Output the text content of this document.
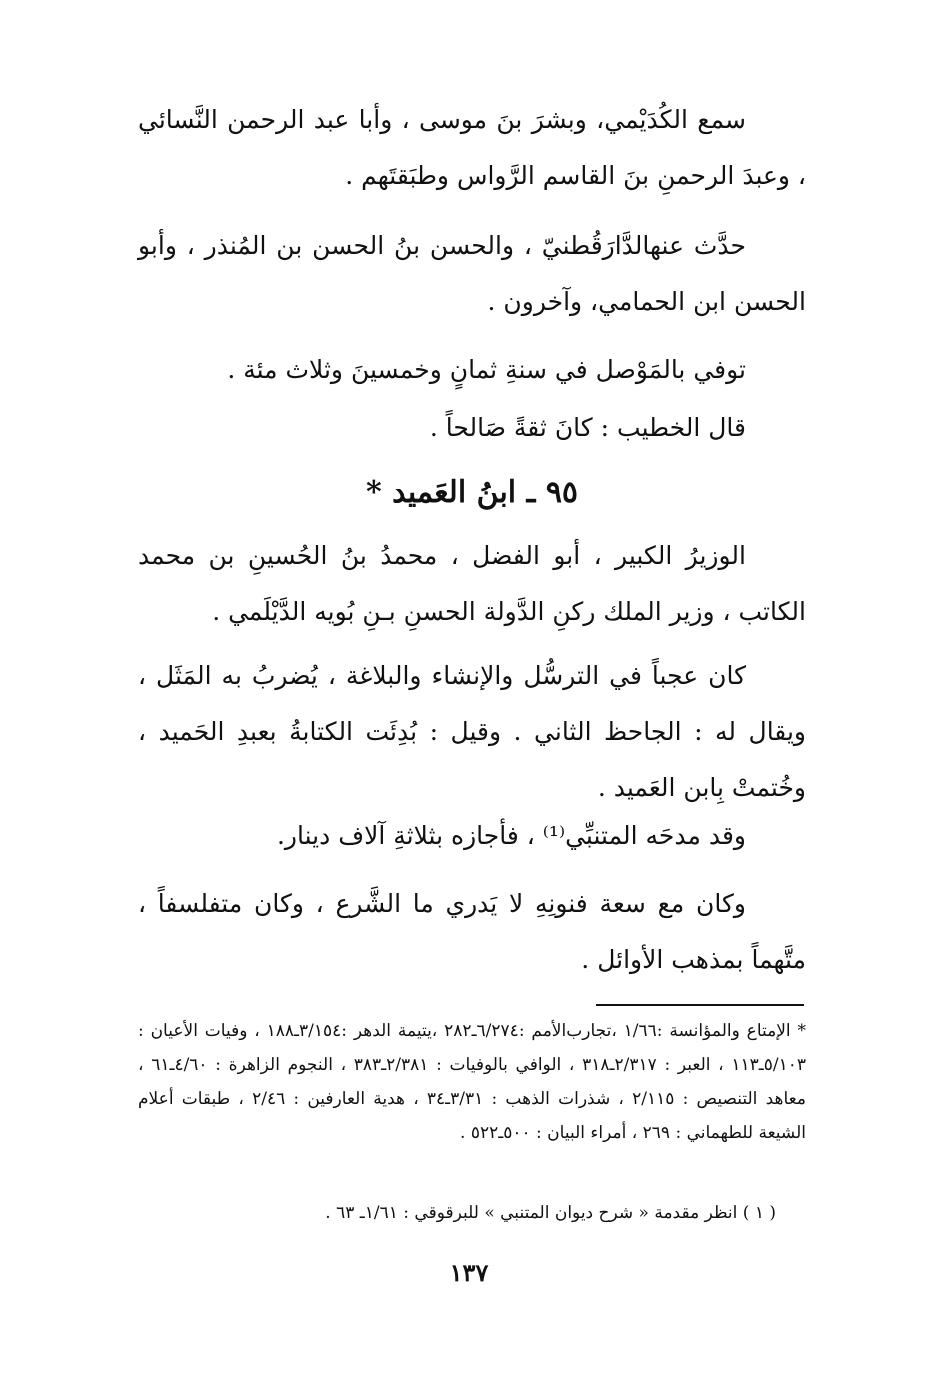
سمع الكُدَيْمي، وبشرَ بنَ موسى ، وأبا عبد الرحمن النَّسائي ، وعبدَ الرحمنِ بنَ القاسم الرَّواس وطبَقتَهم .

حدَّث عنهالدَّارَقُطنيّ ، والحسن بنُ الحسن بن المُنذر ، وأبو الحسن ابن الحمامي، وآخرون .

توفي بالمَوْصل في سنةِ ثمانٍ وخمسينَ وثلاث مئة .

قال الخطيب : كانَ ثقةً صَالحاً .

٩٥ ـ ابنُ العَميد *

الوزيرُ الكبير ، أبو الفضل ، محمدُ بنُ الحُسينِ بن محمد الكاتب ، وزير الملك ركنِ الدَّولة الحسنِ بـنِ بُويه الدَّيْلَمي .

كان عجباً في الترسُّل والإنشاء والبلاغة ، يُضربُ به المَثَل ، ويقال له : الجاحظ الثاني . وقيل : بُدِئَت الكتابةُ بعبدِ الحَميد ، وخُتمتْ بِابن العَميد .

وقد مدحَه المتنبِّي⁽¹⁾ ، فأجازه بثلاثةِ آلاف دينار.

وكان مع سعة فنونِهِ لا يَدري ما الشَّرع ، وكان متفلسفاً ، متَّهماً بمذهب الأوائل .

* الإمتاع والمؤانسة :١/٦٦ ،تجارب‌الأمم :٦/٢٧٤ـ٢٨٢ ،يتيمة الدهر :٣/١٥٤ـ١٨٨ ، وفيات الأعيان : ٥/١٠٣ـ١١٣ ، العبر : ٢/٣١٧ـ٣١٨ ، الوافي بالوفيات : ٢/٣٨١ـ٣٨٣ ، النجوم الزاهرة : ٤/٦٠ـ٦١ ، معاهد التنصيص : ٢/١١٥ ، شذرات الذهب : ٣/٣١ـ٣٤ ، هدية العارفين : ٢/٤٦ ، طبقات أعلام الشيعة للطهماني : ٢٦٩ ، أمراء البيان : ٥٠٠ـ٥٢٢ .

( ١ ) انظر مقدمة « شرح ديوان المتنبي » للبرقوقي : ١/٦١ـ ٦٣ .

١٣٧
